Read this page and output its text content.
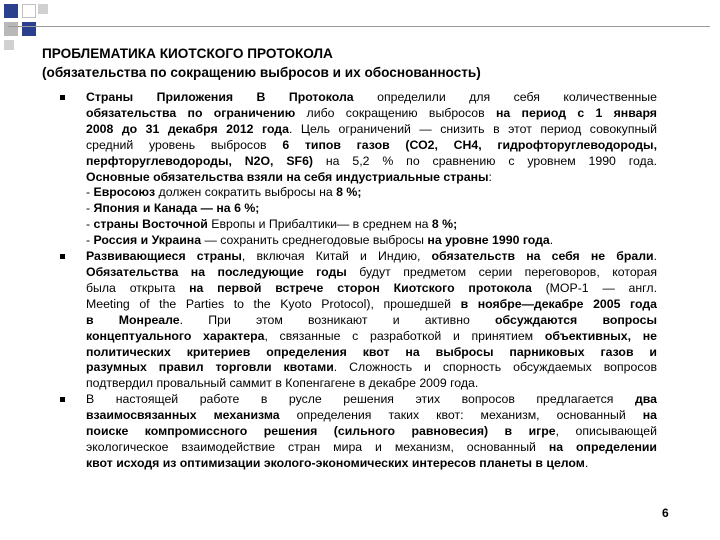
ПРОБЛЕМАТИКА КИОТСКОГО ПРОТОКОЛА
(обязательства по сокращению выбросов и их обоснованность)
Страны Приложения В Протокола определили для себя количественные
обязательства по ограничению либо сокращению выбросов на период с 1 января
2008 до 31 декабря 2012 года. Цель ограничений — снизить в этот период совокупный
средний уровень выбросов 6 типов газов (СО2, СН4, гидрофторуглеводороды,
перфторуглеводороды, N2O, SF6) на 5,2 % по сравнению с уровнем 1990 года.
Основные обязательства взяли на себя индустриальные страны:
- Евросоюз должен сократить выбросы на 8 %;
- Япония и Канада — на 6 %;
- страны Восточной Европы и Прибалтики— в среднем на 8 %;
- Россия и Украина — сохранить среднегодовые выбросы на уровне 1990 года.
Развивающиеся страны, включая Китай и Индию, обязательств на себя не брали.
Обязательства на последующие годы будут предметом серии переговоров, которая
была открыта на первой встрече сторон Киотского протокола (МОР-1 — англ.
Meeting of the Parties to the Kyoto Protocol), прошедшей в ноябре—декабре 2005 года
в Монреале. При этом возникают и активно обсуждаются вопросы
концептуального характера, связанные с разработкой и принятием объективных, не
политических критериев определения квот на выбросы парниковых газов и
разумных правил торговли квотами. Сложность и спорность обсуждаемых вопросов
подтвердил провальный саммит в Копенгагене в декабре 2009 года.
В настоящей работе в русле решения этих вопросов предлагается два
взаимосвязанных механизма определения таких квот: механизм, основанный на
поиске компромиссного решения (сильного равновесия) в игре, описывающей
экологическое взаимодействие стран мира и механизм, основанный на определении
квот исходя из оптимизации эколого-экономических интересов планеты в целом.
6
